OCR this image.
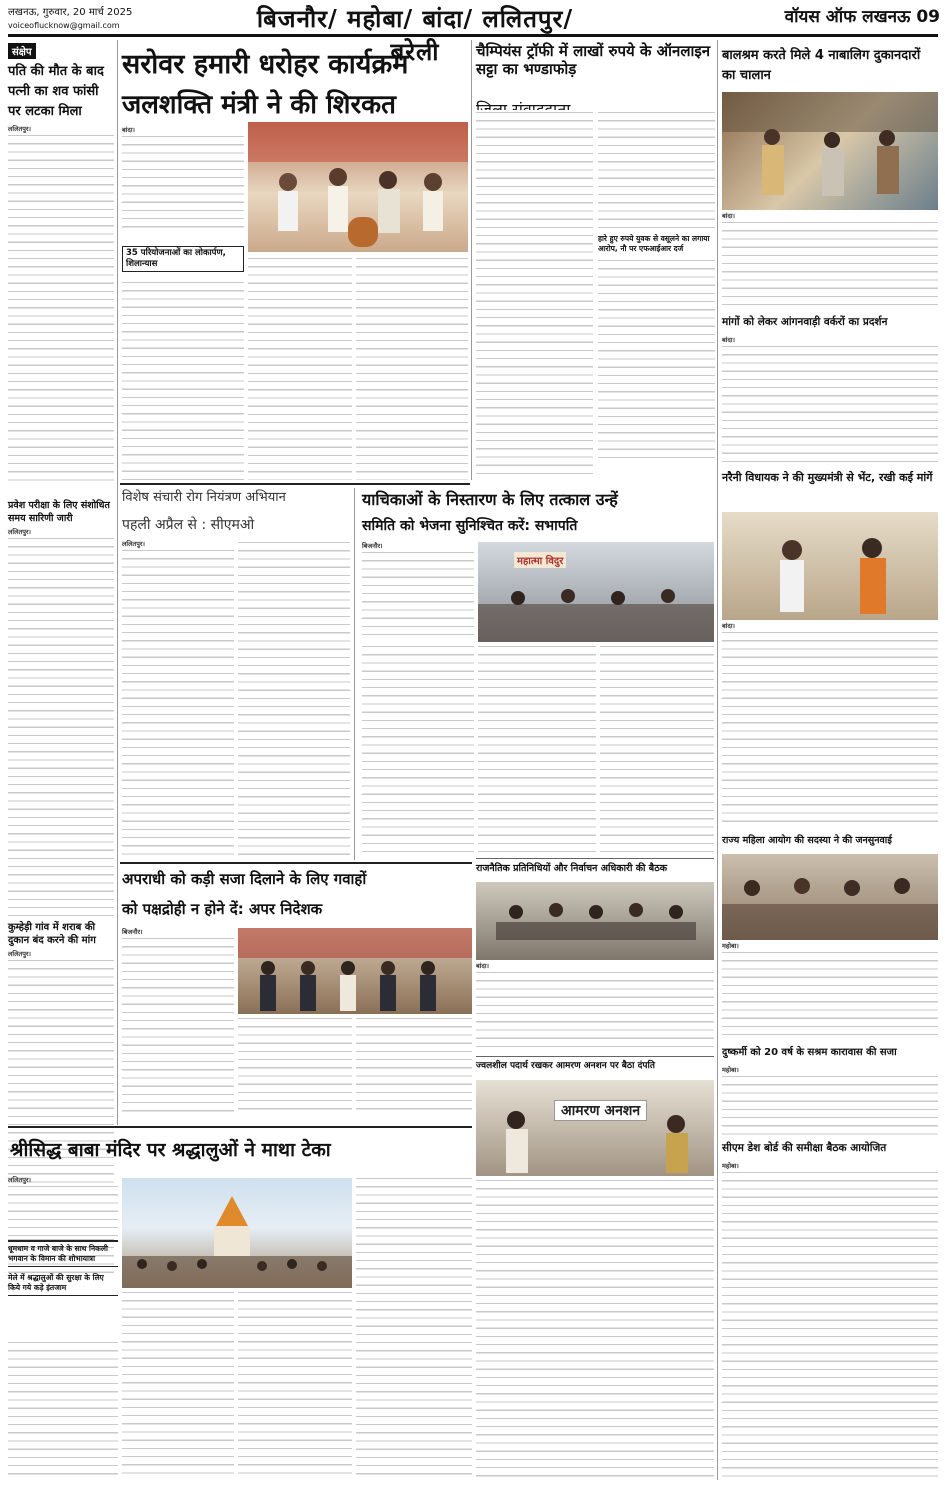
लखनऊ, गुरुवार, 20 मार्च 2025
voiceoflucknow@gmail.com	बिजनौर/ महोबा/ बांदा/ ललितपुर/ बरेली
वॉयस ऑफ लखनऊ 09
संक्षेप
पति की मौत के बाद पत्नी का शव फांसी पर लटका मिला
ललितपुर।
प्रवेश परीक्षा के लिए संशोधित समय सारिणी जारी
ललितपुर।
कुम्हेड़ी गांव में शराब की दुकान बंद करने की मांग
ललितपुर।
सरोवर हमारी धरोहर कार्यक्रम
जलशक्ति मंत्री ने की शिरकत
बांदा।
35 परियोजनाओं का लोकार्पण, शिलान्यास
चैम्पियंस ट्रॉफी में लाखों रुपये के ऑनलाइन सट्टा का भण्डाफोड़
हारे हुए रुपये युवक से वसूलने का लगाया आरोप, नौ पर एफआईआर दर्ज
बालश्रम करते मिले 4 नाबालिग दुकानदारों का चालान
बांदा।
मांगों को लेकर आंगनवाड़ी वर्करों का प्रदर्शन
बांदा।
नरैनी विधायक ने की मुख्यमंत्री से भेंट, रखी कई मांगें
बांदा।
राज्य महिला आयोग की सदस्या ने की जनसुनवाई
महोबा।
दुष्कर्मी को 20 वर्ष के सश्रम कारावास की सजा
महोबा।
सीएम डेश बोर्ड की समीक्षा बैठक आयोजित
महोबा।
विशेष संचारी रोग नियंत्रण अभियान
पहली अप्रैल से : सीएमओ
ललितपुर।
याचिकाओं के निस्तारण के लिए तत्काल उन्हें
समिति को भेजना सुनिश्चित करें: सभापति
बिजनौर।
महात्मा विदुर
राजनैतिक प्रतिनिधियों और निर्वाचन अधिकारी की बैठक
बांदा।
अपराधी को कड़ी सजा दिलाने के लिए गवाहों
को पक्षद्रोही न होने दें: अपर निदेशक
बिजनौर।
ज्वलशील पदार्थ रखकर आमरण अनशन पर बैठा दंपति
आमरण अनशन
श्रीसिद्ध बाबा मंदिर पर श्रद्धालुओं ने माथा टेका
ललितपुर।
धूमधाम व गाजे बाजे के साथ निकली भगवान के विमान की शोभायात्रा
मेले में श्रद्धालुओं की सुरक्षा के लिए किये गये कड़े इंतजाम
